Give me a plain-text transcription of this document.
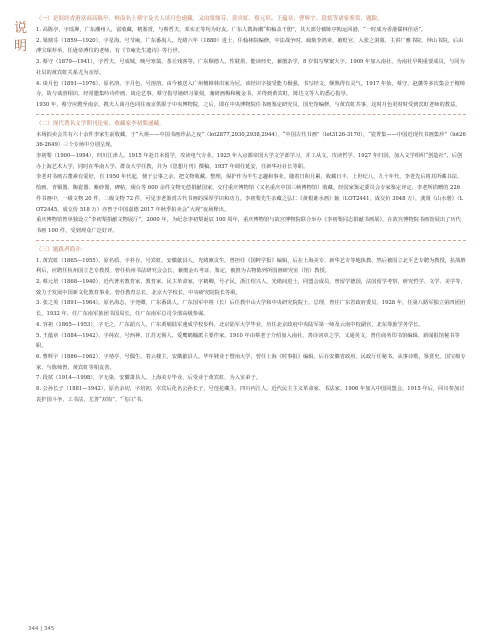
说
明
（一）是很经香港富商高陈亭、岭南名士蔡守及夫人谈月色递藏，又由梁鼎芬、黄宾虹、蔡元培、王蕴章、曹辉宇、段拭等诸家鉴赏、题跋。

1. 高陈亭，字瑶墀，广东潮州人，富收藏，精鉴赏，与蔡哲夫、邓实正等均为好友。广东人镌海潮“积稿盖千册”，其大部分被陈亭购运回港，“一时成为香港儒林佳话”。

2. 梁鼎芬（1859—1920），字星海，号节庵，广东番禺人。光绪六年（1880）进士，任翰林院编修。中法战争时，疏劾李鸿章，被贬官，入张之洞幕，主讲广雅书院、钟山书院。后由溥宝琛荐举，任逊帝溥仪的老师，有《节庵先生遗诗》等行世。

3. 蔡守（1879—1941），字哲夫，号成城，晚号寒翁，茶丘残客等。广东顺德人。性耽墨，能读经史，兼擅杂学，8 岁俱写擘窠大字。1909 年加入南社，为南社早期重要成员，与同为社员的黄宾虹关系尤为亲厚。

4. 谈月色（1891—1976），原名溶，字月色，号溶溶。由今被送入广州檀樟林出家为尼。该经识字接受能力极强，书写经文，颇熟得有灵气。1917 年始，蔡守，赵藩等多次集会于檀樟寺。故与谈溶相识，经常邀集吟诗作画，谈论艺事。蔡守指导她研习篆刻，兼研画梅和瘦金书，并得到黄宾虹，陈达文等人的悉心指导。

1930 年，蔡守应聘至南京，携夫人谈月色同往南京供职于中央博物院，之后，即在中央博物院任书画鉴定研究员，国史馆编修，与黄宾虹共事，这时月色更时时受到宾虹老师的教益。

（二）现代著名文学期刊论家、收藏家李初梨递藏。

本场拍卖会共有六十余件李家生前收藏，于“大观——中国书画珍品之夜”（lot2877,2930,2938,2944），“中国古代书画”（lot3126-3170），“瓷菁集——中国近现代书画集珍”（lot2636-2649）三个专场中分别呈现。

李初梨（1900—1994），四川江津人。1915 年赴日本留学，攻读电气专业。1925 年入京都帝国大学文学部学习，并工从文，攻读哲学。1927 年归国，加入文学组织“创造社”，后创办上海艺术大学，同时在华南大学、群众大学任教，并为《思想月刊》撰稿。1937 年调任延安，任新华社社长等职。

李老对书画古董素有爱好，自 1950 年代起，便于公事之余，把文物收藏，整理，保护作为半生志趣和事业。随着日积月累，收藏日丰，上世纪八、九十年代，李老先后将其所藏书法、绘画、青铜器、陶瓷器、紫砂器，碑帖，砚台等 600 余件文物无偿捐献国家，交付重庆博物馆（又名重庆中国三峡博物馆）收藏。经国家鉴定委员会专家鉴定评定，李老所捐赠的 226 件书画中，一级文物 20 件，二级文物 72 件，可见李老鉴赏古代书画的深厚学识和功力。李初梨先生亲藏之弘仁《黄根谁水画》轴（LOT2441，成交价 3048 万），龚贤《山水册》（LOT2445，成交价 518 万）亦曾于中国嘉德 2017 年秋季拍卖会“大观”夜场释出。

重庆博物馆曾单独设立“李初梨捐献文物展厅”，2000 年，为纪念李初梨诞辰 100 周年，重庆博物馆与故宫博物院联合举办《李初梨同志捐献书画展》，在故宫博物院书画馆展出了历代书画 100 件，受到观众广泛好评。

（三）题跋者简介：

1. 黄宾虹（1865—1955），原名质，字朴存，号宾虹，安徽歙县人，光绪廪贡生。曾担任《国粹学报》编辑，后在上海美专、新华艺专等地执教，然后被国立北平艺专聘为教授，抗战胜利后，应聘任杭州国立艺专教授。曾任杭州书法研究会会长，兼擅金石考证、鉴定，被推为古物陈列所国画研究室（馆）教授。

2. 蔡元培（1868—1940），近代著名教育家、教育家、民主革命家，字鹤卿，号孑民，浙江绍兴人。光绪间进士，同盟会成员，曾留学德国，法国留学考察，研究哲学、文学、美学等，致力于发展中国新文化教育事业。曾任教育总长，北京大学校长，中央研究院院长等职。

3. 张之英（1891—1964），原名海志，字尧卿，广东番禺人。广东国军中将（长）后任教中山大学和中央研究院院士，总理，曾任广东省政府委员，1928 年，任第八路军独立第四团团长，1932 年，任广东南军旅团书国局长，任广东南军总司令部高级参谋。

4. 容祖（1865—1953），字无之，广东韶兴人，广东黄埔陆军速成学校步科，北京陆军大学毕业，历任北京政府中央陆军第一师及云南中校副官，北东筹旅学务学长。

5. 王蕴章（1884—1942），字莼农，号西神，江苏无锡人。爱鹰鹤槭派主要作家。1910 年由蔡老子介绍加入南社，善诗词章之学，又通英文，曾任商务印书馆编辑、新闻报馆秘书等职。

6. 曹辉宇（1886—1962），字靖亭，号偶生，着云楼主，安徽歙县人。毕年肄业于暨南大学，曾任上海《时事报》编辑，后在安徽省政府，民政厅任秘书。从事诗歌，鉴赏史。国宝级专家，与陈师曾，黄宾虹等相友善。

7. 段拭（1914—1998），字无染，安徽萧县人。上海美专毕业，后受业于黄宾虹，为入室弟子。

8. 公孙长子（1881—1942），原名余切，字培初，幸宾后化名公孙长子，号莲花藏主，四川内江人。近代民主主义革命家、书法家。1906 年加入中国同盟会。1915 年后，回川参加讨袁护国斗争，工书法，尤善“双钩”、“飞白”书。

344 | 345
